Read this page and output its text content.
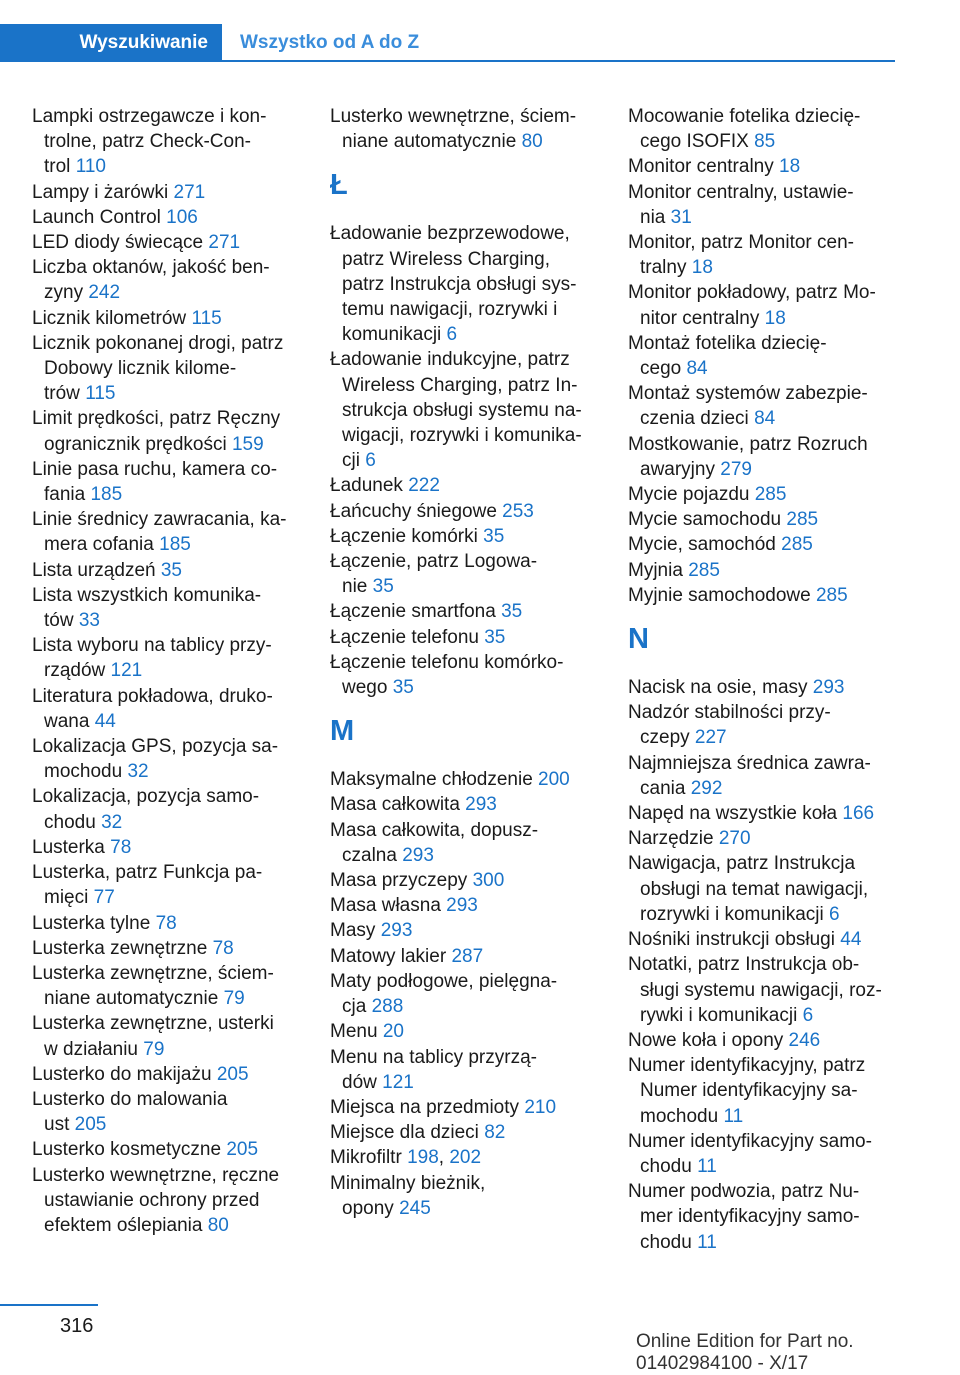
Wyszukiwanie	Wszystko od A do Z

Lampki ostrzegawcze i kon-
trolne, patrz Check-Con-
trol 110

Lampy i żarówki 271

Launch Control 106

LED diody świecące 271

Liczba oktanów, jakość ben-
zyny 242

Licznik kilometrów 115

Licznik pokonanej drogi, patrz
Dobowy licznik kilome-
trów 115

Limit prędkości, patrz Ręczny
ogranicznik prędkości 159

Linie pasa ruchu, kamera co-
fania 185

Linie średnicy zawracania, ka-
mera cofania 185

Lista urządzeń 35

Lista wszystkich komunika-
tów 33

Lista wyboru na tablicy przy-
rządów 121

Literatura pokładowa, druko-
wana 44

Lokalizacja GPS, pozycja sa-
mochodu 32

Lokalizacja, pozycja samo-
chodu 32

Lusterka 78

Lusterka, patrz Funkcja pa-
mięci 77

Lusterka tylne 78

Lusterka zewnętrzne 78

Lusterka zewnętrzne, ściem-
niane automatycznie 79

Lusterka zewnętrzne, usterki
w działaniu 79

Lusterko do makijażu 205

Lusterko do malowania
ust 205

Lusterko kosmetyczne 205

Lusterko wewnętrzne, ręczne
ustawianie ochrony przed
efektem oślepiania 80

Lusterko wewnętrzne, ściem-
niane automatycznie 80

Ł

Ładowanie bezprzewodowe,
patrz Wireless Charging,
patrz Instrukcja obsługi sys-
temu nawigacji, rozrywki i
komunikacji 6

Ładowanie indukcyjne, patrz
Wireless Charging, patrz In-
strukcja obsługi systemu na-
wigacji, rozrywki i komunika-
cji 6

Ładunek 222

Łańcuchy śniegowe 253

Łączenie komórki 35

Łączenie, patrz Logowa-
nie 35

Łączenie smartfona 35

Łączenie telefonu 35

Łączenie telefonu komórko-
wego 35

M

Maksymalne chłodzenie 200

Masa całkowita 293

Masa całkowita, dopusz-
czalna 293

Masa przyczepy 300

Masa własna 293

Masy 293

Matowy lakier 287

Maty podłogowe, pielęgna-
cja 288

Menu 20

Menu na tablicy przyrzą-
dów 121

Miejsca na przedmioty 210

Miejsce dla dzieci 82

Mikrofiltr 198, 202

Minimalny bieżnik,
opony 245

Mocowanie fotelika dziecię-
cego ISOFIX 85

Monitor centralny 18

Monitor centralny, ustawie-
nia 31

Monitor, patrz Monitor cen-
tralny 18

Monitor pokładowy, patrz Mo-
nitor centralny 18

Montaż fotelika dziecię-
cego 84

Montaż systemów zabezpie-
czenia dzieci 84

Mostkowanie, patrz Rozruch
awaryjny 279

Mycie pojazdu 285

Mycie samochodu 285

Mycie, samochód 285

Myjnia 285

Myjnie samochodowe 285

N

Nacisk na osie, masy 293

Nadzór stabilności przy-
czepy 227

Najmniejsza średnica zawra-
cania 292

Napęd na wszystkie koła 166

Narzędzie 270

Nawigacja, patrz Instrukcja
obsługi na temat nawigacji,
rozrywki i komunikacji 6

Nośniki instrukcji obsługi 44

Notatki, patrz Instrukcja ob-
sługi systemu nawigacji, roz-
rywki i komunikacji 6

Nowe koła i opony 246

Numer identyfikacyjny, patrz
Numer identyfikacyjny sa-
mochodu 11

Numer identyfikacyjny samo-
chodu 11

Numer podwozia, patrz Nu-
mer identyfikacyjny samo-
chodu 11

316
Online Edition for Part no. 01402984100 - X/17
